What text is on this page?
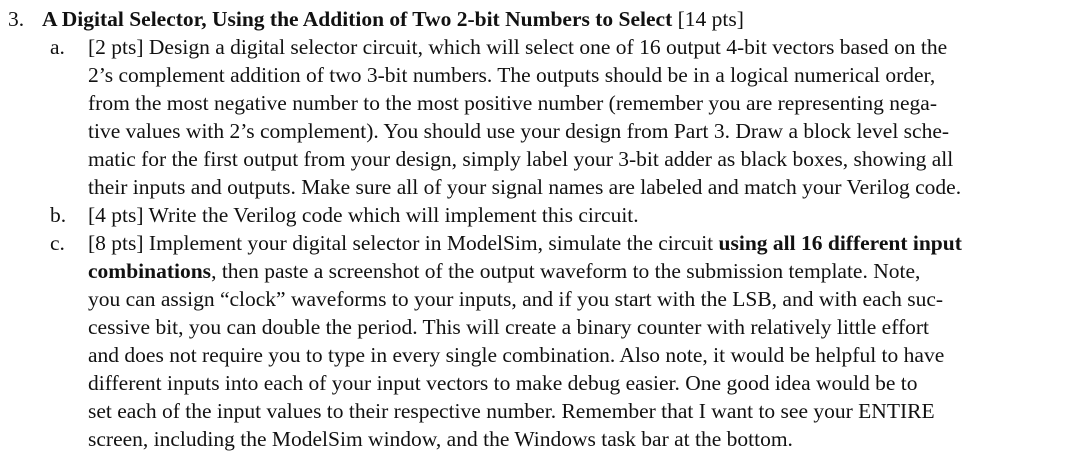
3. A Digital Selector, Using the Addition of Two 2-bit Numbers to Select [14 pts]
a. [2 pts] Design a digital selector circuit, which will select one of 16 output 4-bit vectors based on the
2’s complement addition of two 3-bit numbers. The outputs should be in a logical numerical order,
from the most negative number to the most positive number (remember you are representing nega-
tive values with 2’s complement). You should use your design from Part 3. Draw a block level sche-
matic for the first output from your design, simply label your 3-bit adder as black boxes, showing all
their inputs and outputs. Make sure all of your signal names are labeled and match your Verilog code.
b. [4 pts] Write the Verilog code which will implement this circuit.
c. [8 pts] Implement your digital selector in ModelSim, simulate the circuit using all 16 different input
combinations, then paste a screenshot of the output waveform to the submission template. Note,
you can assign “clock” waveforms to your inputs, and if you start with the LSB, and with each suc-
cessive bit, you can double the period. This will create a binary counter with relatively little effort
and does not require you to type in every single combination. Also note, it would be helpful to have
different inputs into each of your input vectors to make debug easier. One good idea would be to
set each of the input values to their respective number. Remember that I want to see your ENTIRE
screen, including the ModelSim window, and the Windows task bar at the bottom.
